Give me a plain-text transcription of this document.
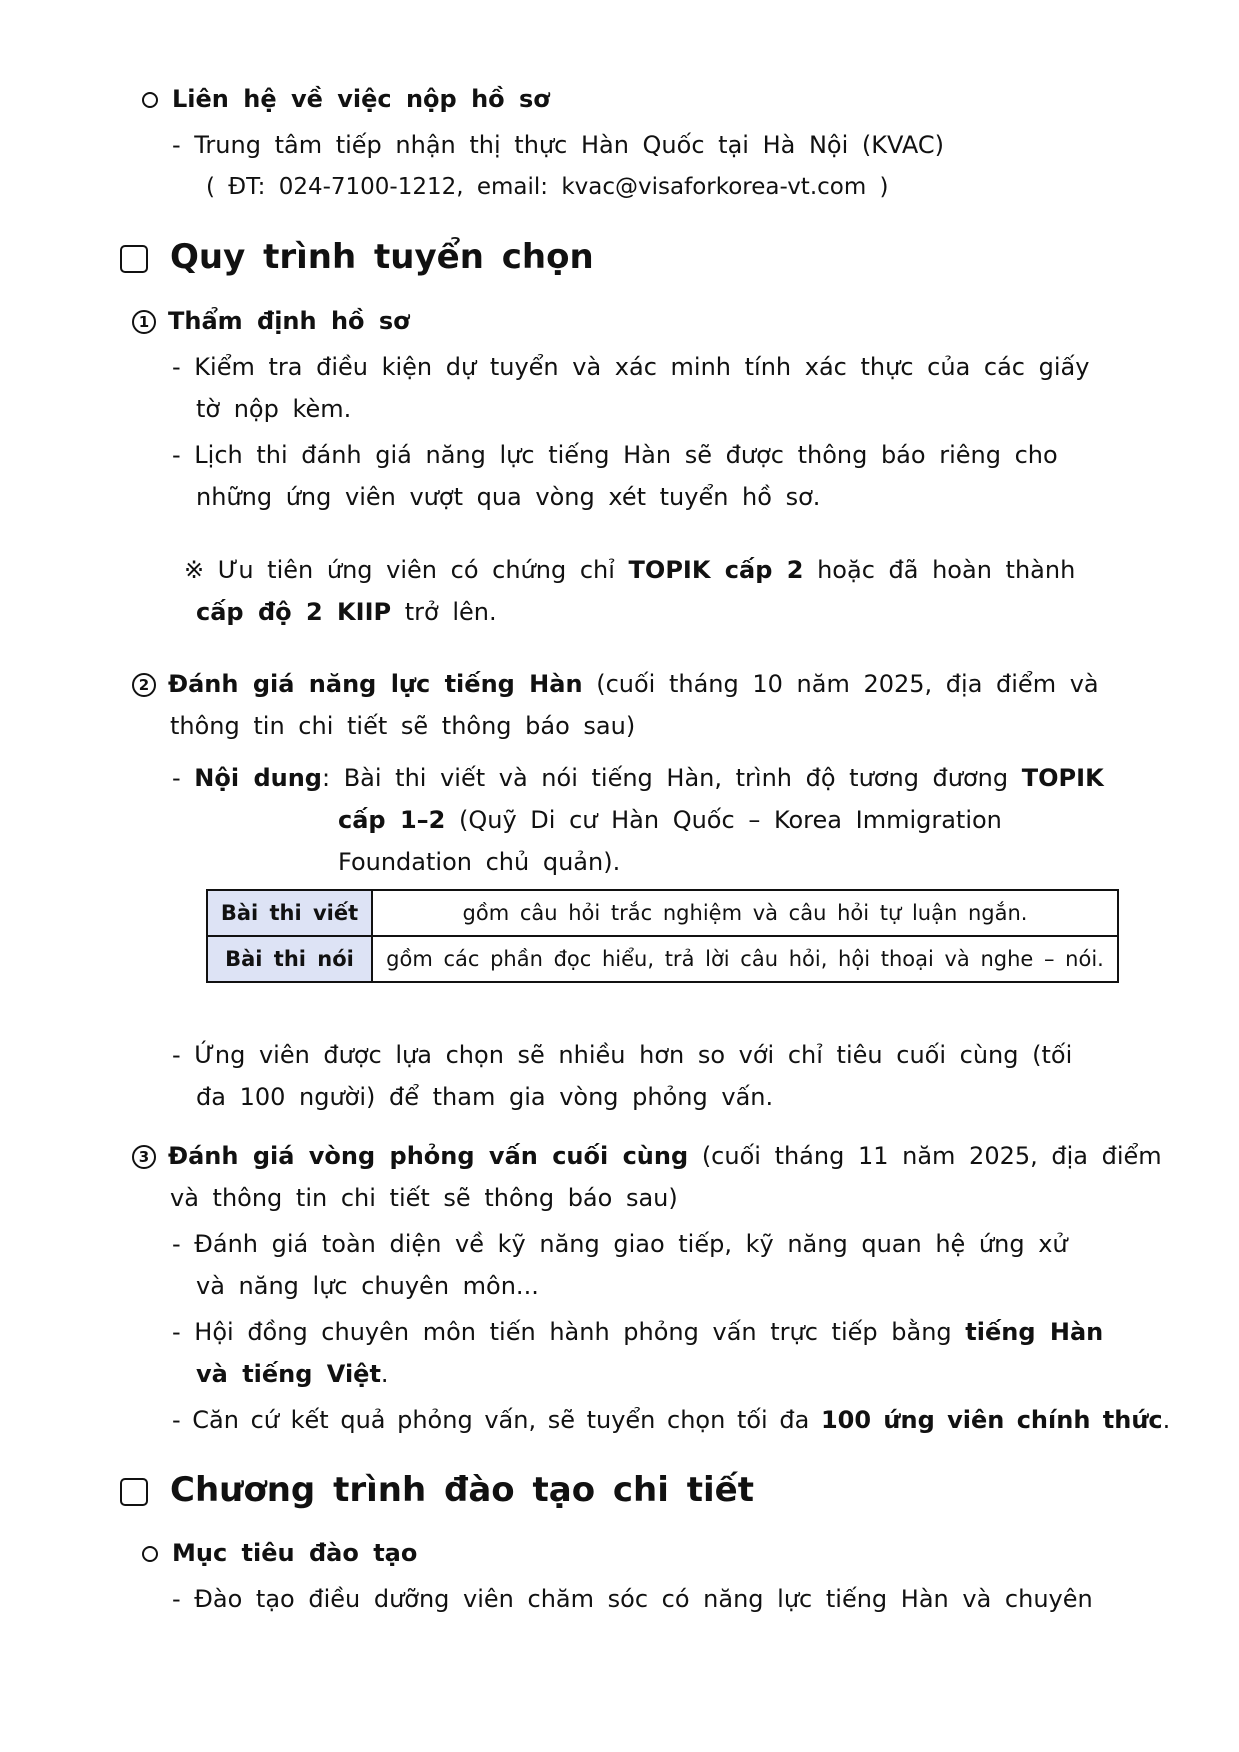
Liên hệ về việc nộp hồ sơ
- Trung tâm tiếp nhận thị thực Hàn Quốc tại Hà Nội (KVAC)
( ĐT: 024-7100-1212, email: kvac@visaforkorea-vt.com )
Quy trình tuyển chọn
1 Thẩm định hồ sơ
- Kiểm tra điều kiện dự tuyển và xác minh tính xác thực của các giấy
tờ nộp kèm.
- Lịch thi đánh giá năng lực tiếng Hàn sẽ được thông báo riêng cho
những ứng viên vượt qua vòng xét tuyển hồ sơ.
※ Ưu tiên ứng viên có chứng chỉ TOPIK cấp 2 hoặc đã hoàn thành
cấp độ 2 KIIP trở lên.
2 Đánh giá năng lực tiếng Hàn (cuối tháng 10 năm 2025, địa điểm và
thông tin chi tiết sẽ thông báo sau)
- Nội dung: Bài thi viết và nói tiếng Hàn, trình độ tương đương TOPIK
cấp 1–2 (Quỹ Di cư Hàn Quốc – Korea Immigration
Foundation chủ quản).
Bài thi viết	gồm câu hỏi trắc nghiệm và câu hỏi tự luận ngắn.
Bài thi nói	gồm các phần đọc hiểu, trả lời câu hỏi, hội thoại và nghe – nói.
- Ứng viên được lựa chọn sẽ nhiều hơn so với chỉ tiêu cuối cùng (tối
đa 100 người) để tham gia vòng phỏng vấn.
3 Đánh giá vòng phỏng vấn cuối cùng (cuối tháng 11 năm 2025, địa điểm
và thông tin chi tiết sẽ thông báo sau)
- Đánh giá toàn diện về kỹ năng giao tiếp, kỹ năng quan hệ ứng xử
và năng lực chuyên môn...
- Hội đồng chuyên môn tiến hành phỏng vấn trực tiếp bằng tiếng Hàn
và tiếng Việt.
- Căn cứ kết quả phỏng vấn, sẽ tuyển chọn tối đa 100 ứng viên chính thức.
Chương trình đào tạo chi tiết
Mục tiêu đào tạo
- Đào tạo điều dưỡng viên chăm sóc có năng lực tiếng Hàn và chuyên
